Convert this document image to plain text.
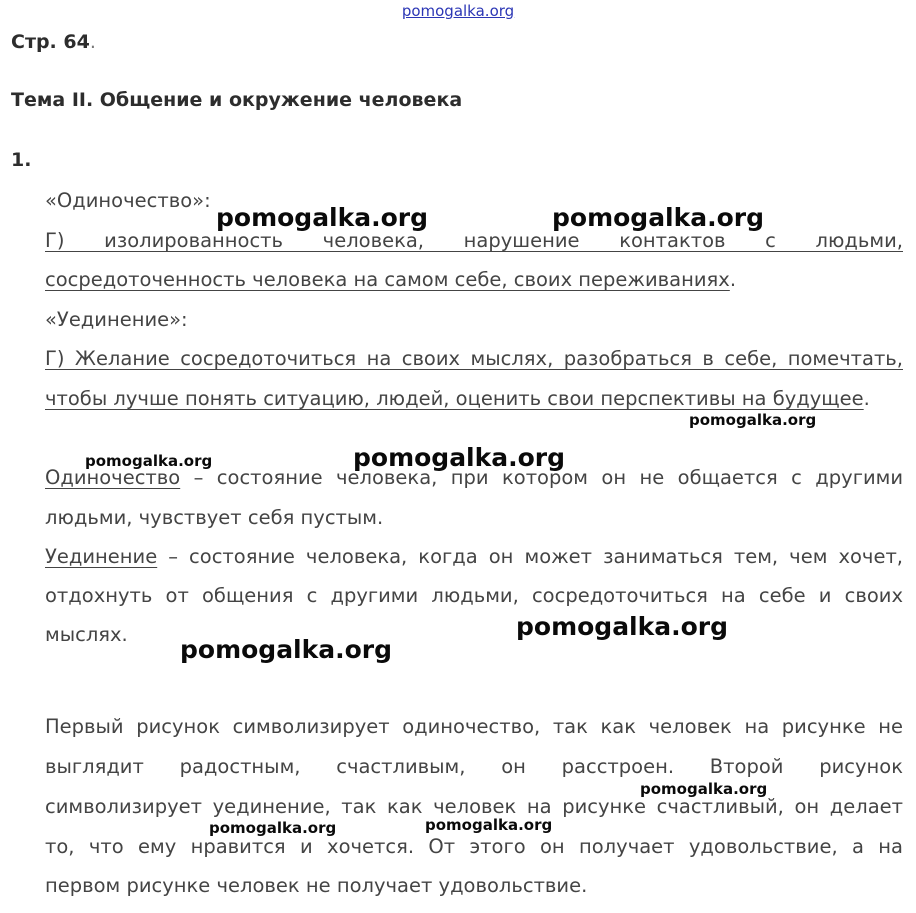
pomogalka.org
Стр. 64.
Тема II. Общение и окружение человека
1.
«Одиночество»:
Г) изолированность человека, нарушение контактов с людьми,
сосредоточенность человека на самом себе, своих переживаниях.
«Уединение»:
Г) Желание сосредоточиться на своих мыслях, разобраться в себе, помечтать,
чтобы лучше понять ситуацию, людей, оценить свои перспективы на будущее.
Одиночество – состояние человека, при котором он не общается с другими
людьми, чувствует себя пустым.
Уединение – состояние человека, когда он может заниматься тем, чем хочет,
отдохнуть от общения с другими людьми, сосредоточиться на себе и своих
мыслях.
Первый рисунок символизирует одиночество, так как человек на рисунке не
выглядит радостным, счастливым, он расстроен. Второй рисунок
символизирует уединение, так как человек на рисунке счастливый, он делает
то, что ему нравится и хочется. От этого он получает удовольствие, а на
первом рисунке человек не получает удовольствие.
pomogalka.org	pomogalka.org
pomogalka.org
pomogalka.org	pomogalka.org
pomogalka.org
pomogalka.org
pomogalka.org
pomogalka.org	pomogalka.org
